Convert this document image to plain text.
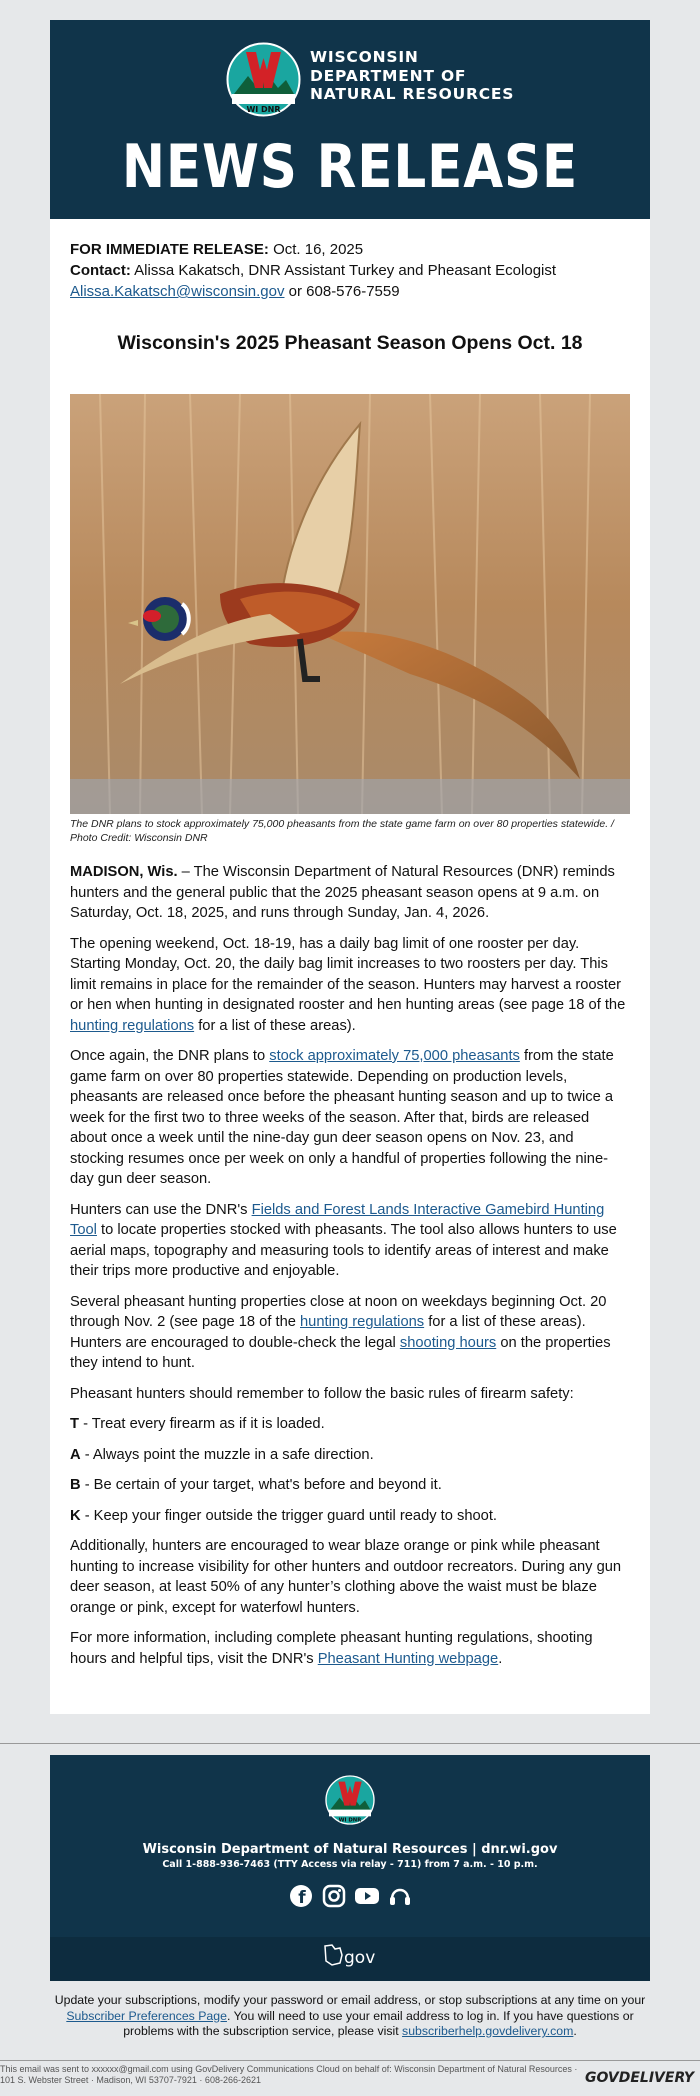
WI DNR
WISCONSIN
DEPARTMENT OF
NATURAL RESOURCES
NEWS RELEASE
FOR IMMEDIATE RELEASE: Oct. 16, 2025
Contact: Alissa Kakatsch, DNR Assistant Turkey and Pheasant Ecologist
Alissa.Kakatsch@wisconsin.gov or 608-576-7559
Wisconsin's 2025 Pheasant Season Opens Oct. 18
The DNR plans to stock approximately 75,000 pheasants from the state game farm on over 80 properties statewide. / Photo Credit: Wisconsin DNR

MADISON, Wis. – The Wisconsin Department of Natural Resources (DNR) reminds hunters and the general public that the 2025 pheasant season opens at 9 a.m. on Saturday, Oct. 18, 2025, and runs through Sunday, Jan. 4, 2026.

The opening weekend, Oct. 18-19, has a daily bag limit of one rooster per day. Starting Monday, Oct. 20, the daily bag limit increases to two roosters per day. This limit remains in place for the remainder of the season. Hunters may harvest a rooster or hen when hunting in designated rooster and hen hunting areas (see page 18 of the hunting regulations for a list of these areas).

Once again, the DNR plans to stock approximately 75,000 pheasants from the state game farm on over 80 properties statewide. Depending on production levels, pheasants are released once before the pheasant hunting season and up to twice a week for the first two to three weeks of the season. After that, birds are released about once a week until the nine-day gun deer season opens on Nov. 23, and stocking resumes once per week on only a handful of properties following the nine-day gun deer season.

Hunters can use the DNR's Fields and Forest Lands Interactive Gamebird Hunting Tool to locate properties stocked with pheasants. The tool also allows hunters to use aerial maps, topography and measuring tools to identify areas of interest and make their trips more productive and enjoyable.

Several pheasant hunting properties close at noon on weekdays beginning Oct. 20 through Nov. 2 (see page 18 of the hunting regulations for a list of these areas). Hunters are encouraged to double-check the legal shooting hours on the properties they intend to hunt.

Pheasant hunters should remember to follow the basic rules of firearm safety:

T - Treat every firearm as if it is loaded.

A - Always point the muzzle in a safe direction.

B - Be certain of your target, what's before and beyond it.

K - Keep your finger outside the trigger guard until ready to shoot.

Additionally, hunters are encouraged to wear blaze orange or pink while pheasant hunting to increase visibility for other hunters and outdoor recreators. During any gun deer season, at least 50% of any hunter’s clothing above the waist must be blaze orange or pink, except for waterfowl hunters.

For more information, including complete pheasant hunting regulations, shooting hours and helpful tips, visit the DNR's Pheasant Hunting webpage.

WI DNR
Wisconsin Department of Natural Resources | dnr.wi.gov
Call 1-888-936-7463 (TTY Access via relay - 711) from 7 a.m. - 10 p.m.
f
gov
Update your subscriptions, modify your password or email address, or stop subscriptions at any time on your Subscriber Preferences Page. You will need to use your email address to log in. If you have questions or problems with the subscription service, please visit subscriberhelp.govdelivery.com.
This email was sent to xxxxxx@gmail.com using GovDelivery Communications Cloud on behalf of: Wisconsin Department of Natural Resources · 101 S. Webster Street · Madison, WI 53707-7921 · 608-266-2621	GOVDELIVERY
